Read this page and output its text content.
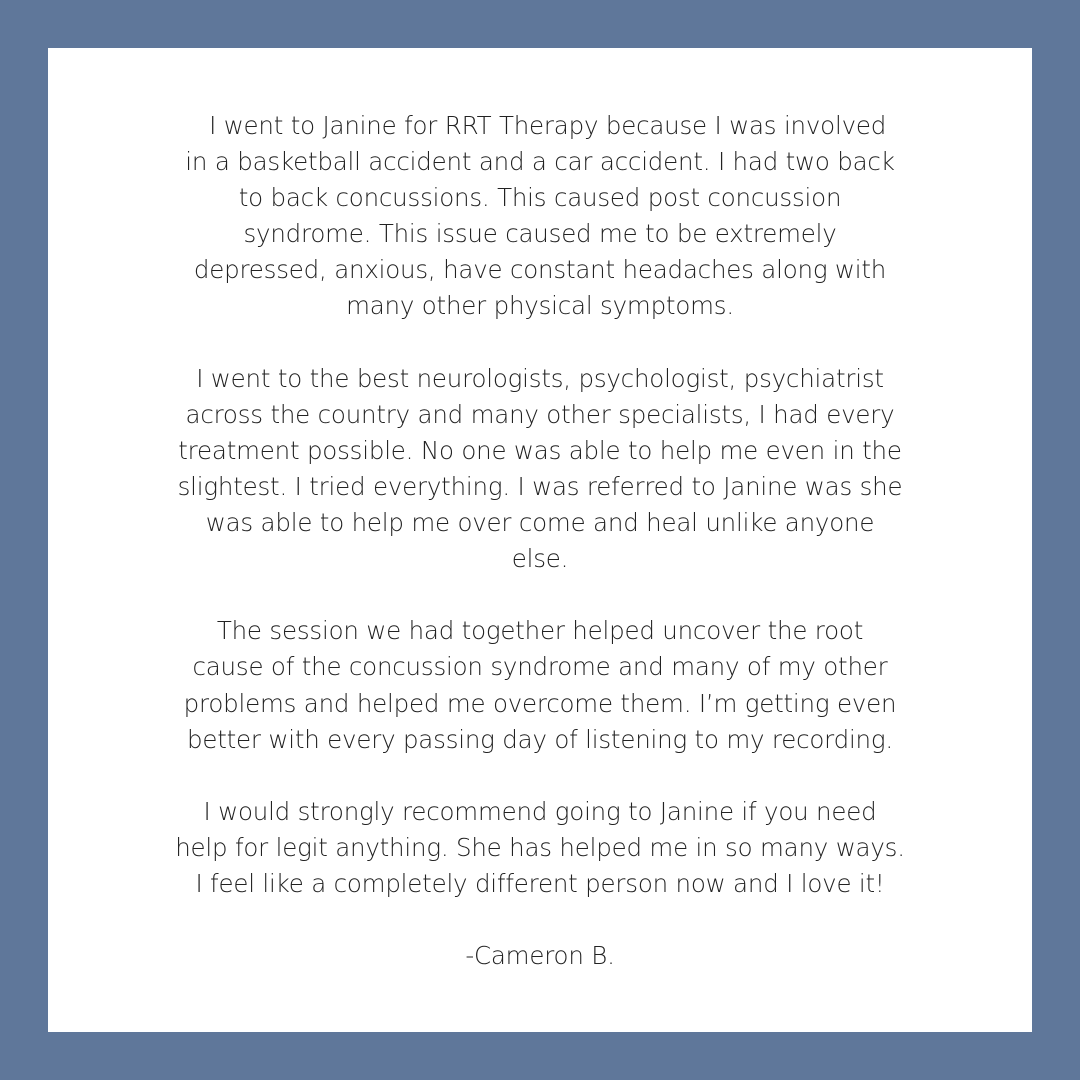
I went to Janine for RRT Therapy because I was involved
in a basketball accident and a car accident. I had two back
to back concussions. This caused post concussion
syndrome. This issue caused me to be extremely
depressed, anxious, have constant headaches along with
many other physical symptoms.

I went to the best neurologists, psychologist, psychiatrist
across the country and many other specialists, I had every
treatment possible. No one was able to help me even in the
slightest. I tried everything. I was referred to Janine was she
was able to help me over come and heal unlike anyone
else.

The session we had together helped uncover the root
cause of the concussion syndrome and many of my other
problems and helped me overcome them. I’m getting even
better with every passing day of listening to my recording.

I would strongly recommend going to Janine if you need
help for legit anything. She has helped me in so many ways.
I feel like a completely different person now and I love it!

-Cameron B.
